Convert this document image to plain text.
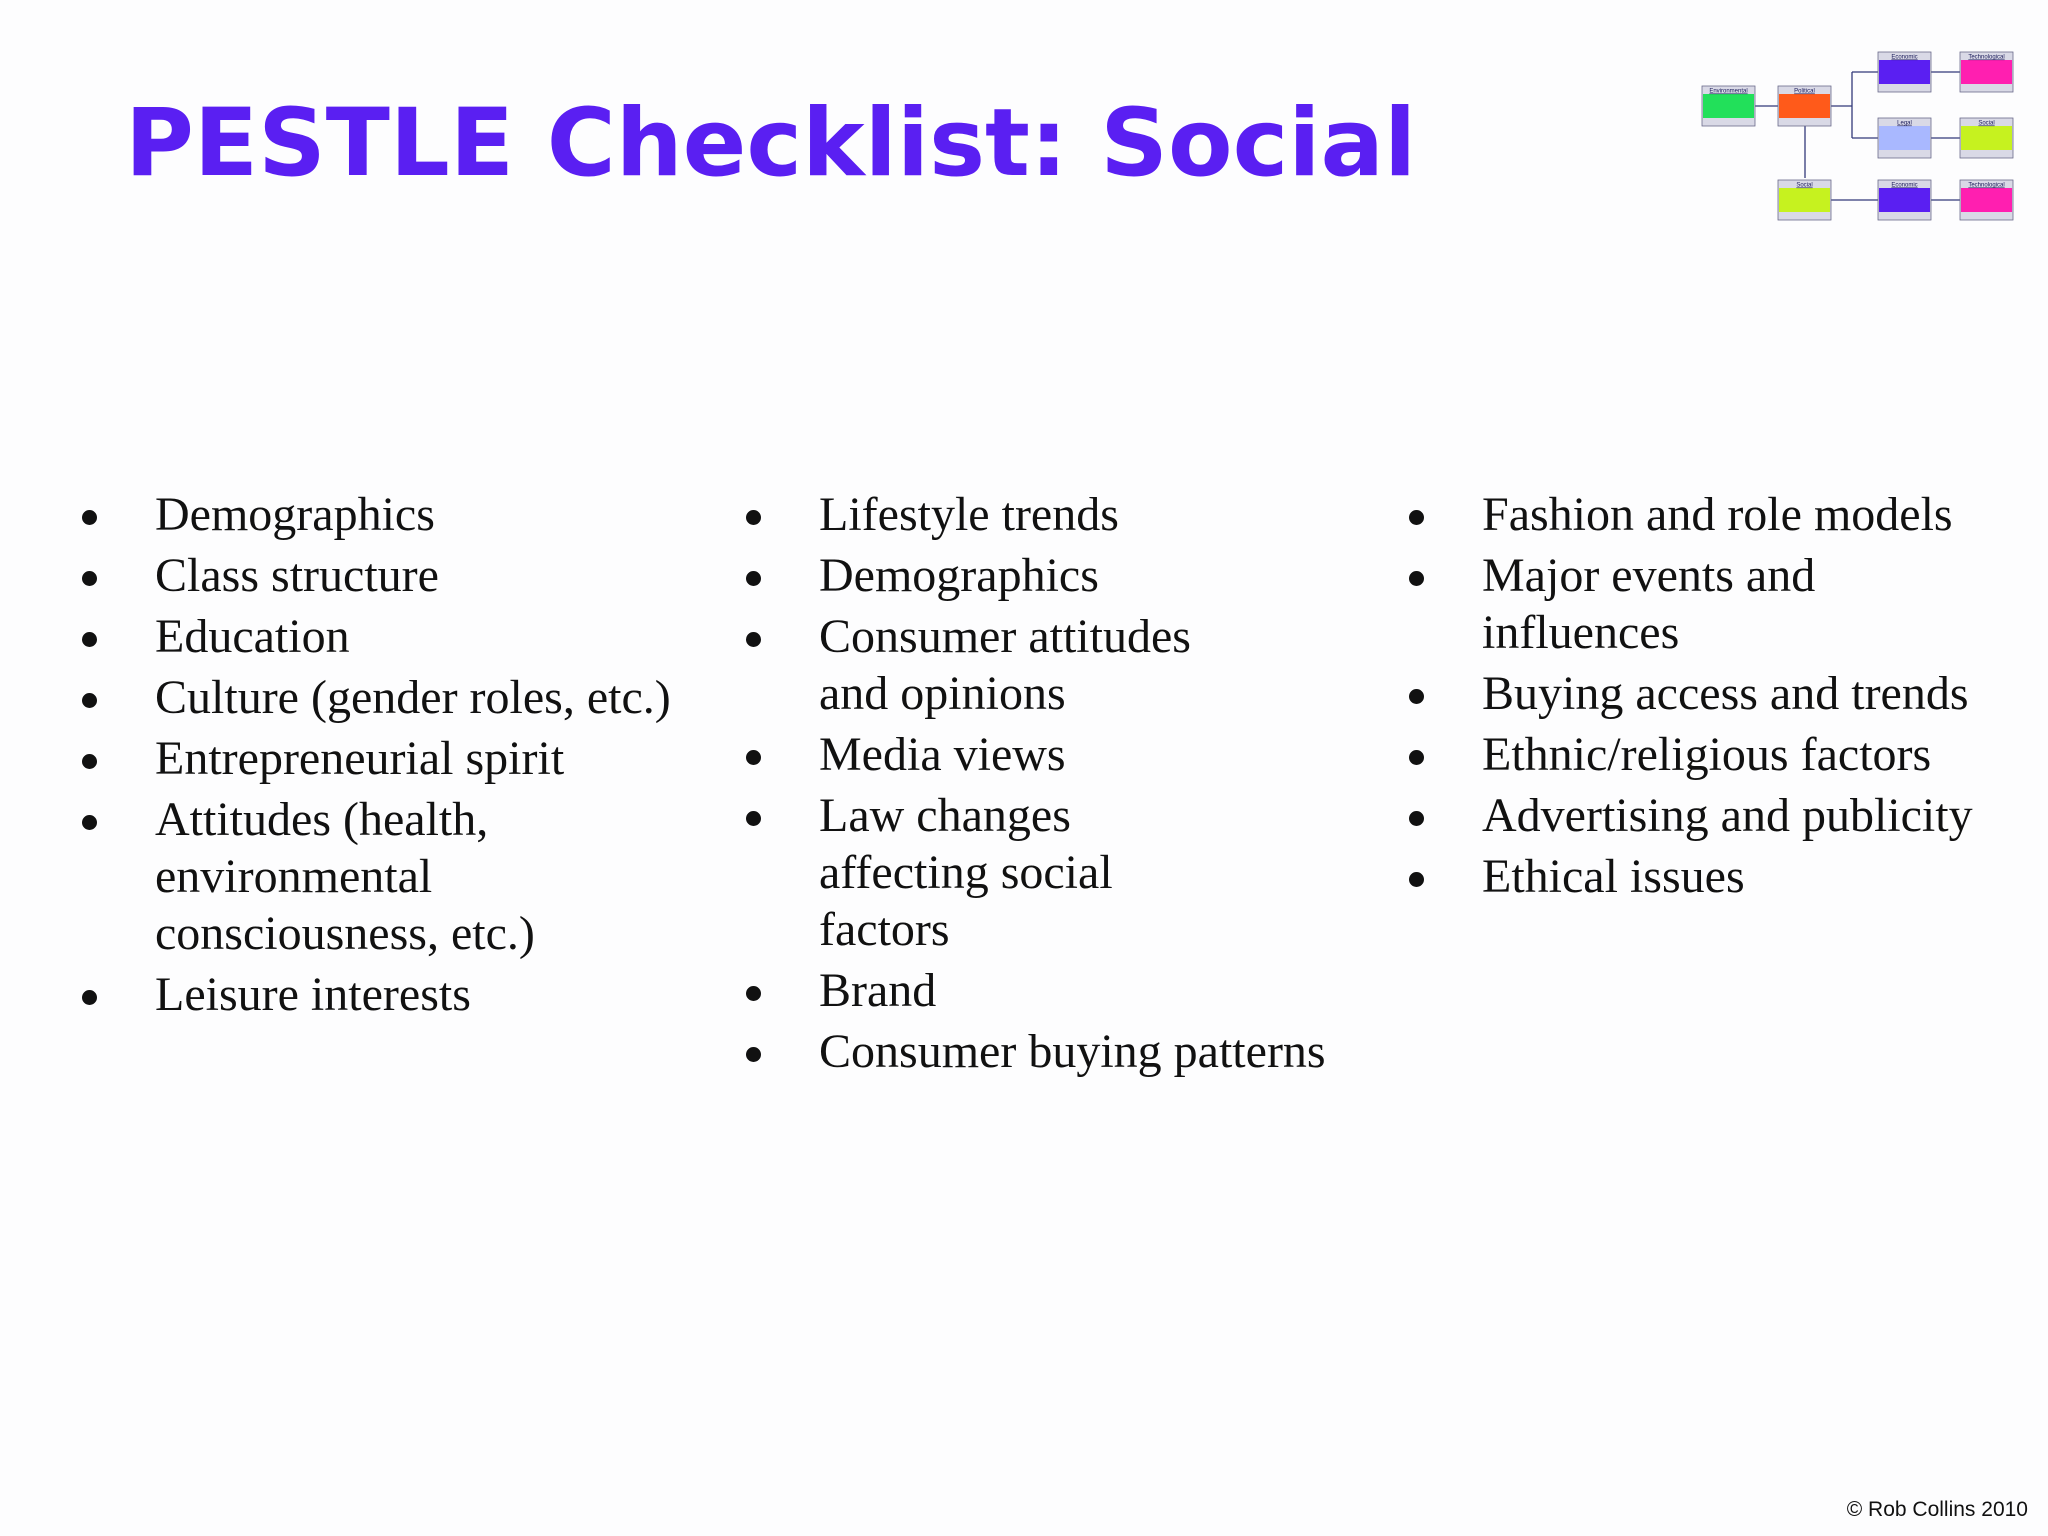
PESTLE Checklist: Social	Environmental	Political
Economic	Technological
Legal	Social
Social	Economic	Technological
Demographics
Class structure
Education
Culture (gender roles, etc.)
Entrepreneurial spirit
Attitudes (health, environmental consciousness, etc.)
Leisure interests
Lifestyle trends
Demographics
Consumer attitudes and opinions
Media views
Law changes affecting social factors
Brand
Consumer buying patterns
Fashion and role models
Major events and influences
Buying access and trends
Ethnic/religious factors
Advertising and publicity
Ethical issues
© Rob Collins 2010
